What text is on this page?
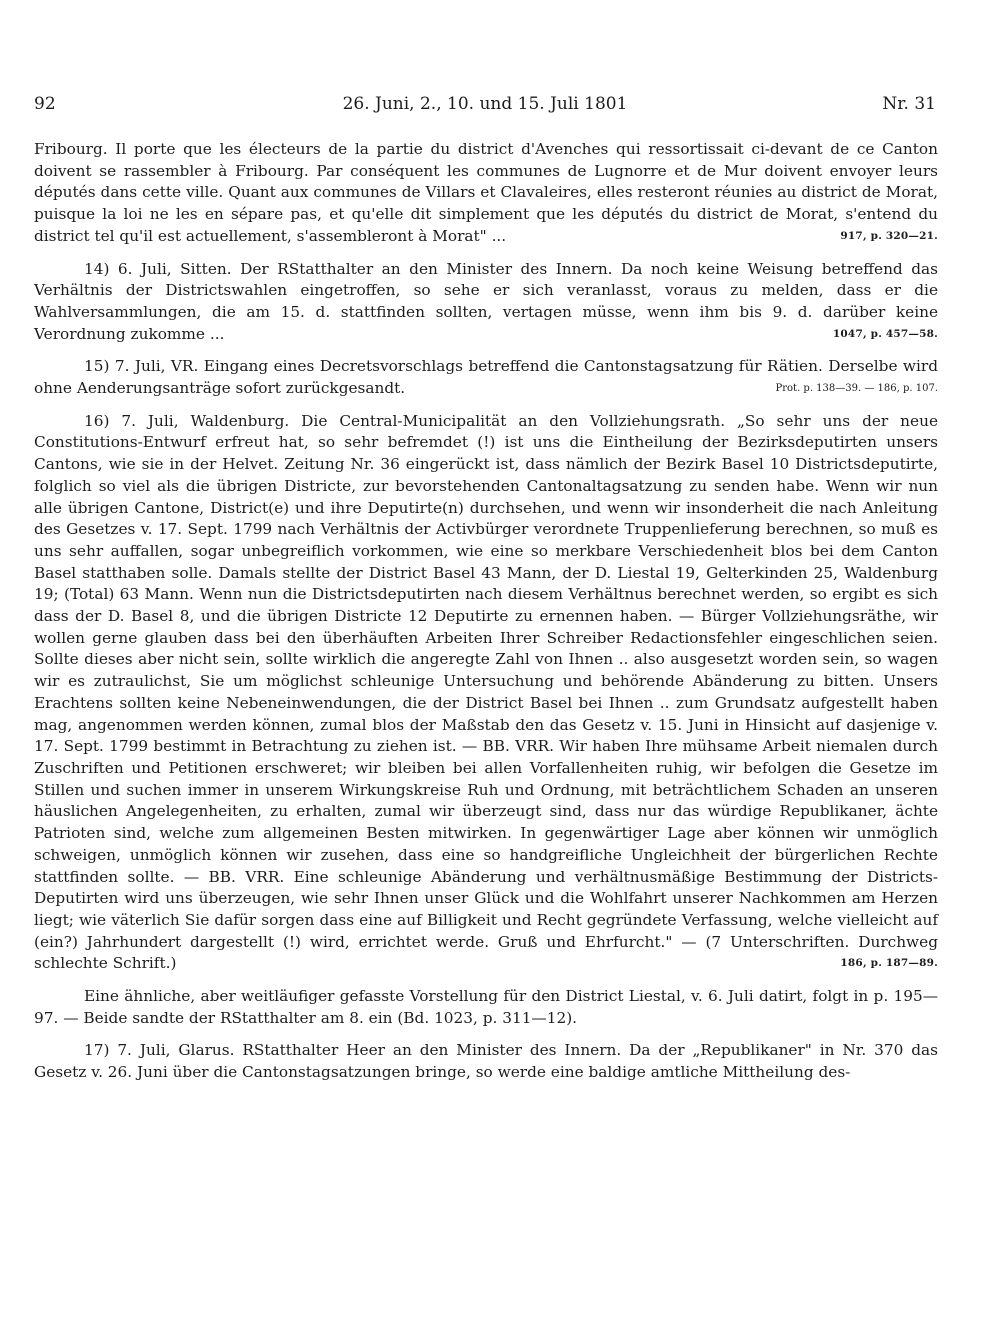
92	26. Juni, 2., 10. und 15. Juli 1801	Nr. 31

Fribourg. Il porte que les électeurs de la partie du district d'Avenches qui ressortissait ci-devant de ce Canton doivent se rassembler à Fribourg. Par conséquent les communes de Lugnorre et de Mur doivent envoyer leurs députés dans cette ville. Quant aux communes de Villars et Clavaleires, elles resteront réunies au district de Morat, puisque la loi ne les en sépare pas, et qu'elle dit simplement que les députés du district de Morat, s'entend du district tel qu'il est actuellement, s'assembleront à Morat" ...	917, p. 320—21.

14) 6. Juli, Sitten. Der RStatthalter an den Minister des Innern. Da noch keine Weisung betreffend das Verhältnis der Districtswahlen eingetroffen, so sehe er sich veranlasst, voraus zu melden, dass er die Wahlversammlungen, die am 15. d. stattfinden sollten, vertagen müsse, wenn ihm bis 9. d. darüber keine Verordnung zukomme ...	1047, p. 457—58.

15) 7. Juli, VR. Eingang eines Decretsvorschlags betreffend die Cantonstagsatzung für Rätien. Derselbe wird ohne Aenderungsanträge sofort zurückgesandt.	Prot. p. 138—39. — 186, p. 107.

16) 7. Juli, Waldenburg. Die Central-Municipalität an den Vollziehungsrath. „So sehr uns der neue Constitutions-Entwurf erfreut hat, so sehr befremdet (!) ist uns die Eintheilung der Bezirksdeputirten unsers Cantons, wie sie in der Helvet. Zeitung Nr. 36 eingerückt ist, dass nämlich der Bezirk Basel 10 Districtsdeputirte, folglich so viel als die übrigen Districte, zur bevorstehenden Cantonaltagsatzung zu senden habe. Wenn wir nun alle übrigen Cantone, District(e) und ihre Deputirte(n) durchsehen, und wenn wir insonderheit die nach Anleitung des Gesetzes v. 17. Sept. 1799 nach Verhältnis der Activbürger verordnete Truppenlieferung berechnen, so muß es uns sehr auffallen, sogar unbegreiflich vorkommen, wie eine so merkbare Verschiedenheit blos bei dem Canton Basel statthaben solle. Damals stellte der District Basel 43 Mann, der D. Liestal 19, Gelterkinden 25, Waldenburg 19; (Total) 63 Mann. Wenn nun die Districtsdeputirten nach diesem Verhältnus berechnet werden, so ergibt es sich dass der D. Basel 8, und die übrigen Districte 12 Deputirte zu ernennen haben. — Bürger Vollziehungsräthe, wir wollen gerne glauben dass bei den überhäuften Arbeiten Ihrer Schreiber Redactionsfehler eingeschlichen seien. Sollte dieses aber nicht sein, sollte wirklich die angeregte Zahl von Ihnen .. also ausgesetzt worden sein, so wagen wir es zutraulichst, Sie um möglichst schleunige Untersuchung und behörende Abänderung zu bitten. Unsers Erachtens sollten keine Nebeneinwendungen, die der District Basel bei Ihnen .. zum Grundsatz aufgestellt haben mag, angenommen werden können, zumal blos der Maßstab den das Gesetz v. 15. Juni in Hinsicht auf dasjenige v. 17. Sept. 1799 bestimmt in Betrachtung zu ziehen ist. — BB. VRR. Wir haben Ihre mühsame Arbeit niemalen durch Zuschriften und Petitionen erschweret; wir bleiben bei allen Vorfallenheiten ruhig, wir befolgen die Gesetze im Stillen und suchen immer in unserem Wirkungskreise Ruh und Ordnung, mit beträchtlichem Schaden an unseren häuslichen Angelegenheiten, zu erhalten, zumal wir überzeugt sind, dass nur das würdige Republikaner, ächte Patrioten sind, welche zum allgemeinen Besten mitwirken. In gegenwärtiger Lage aber können wir unmöglich schweigen, unmöglich können wir zusehen, dass eine so handgreifliche Ungleichheit der bürgerlichen Rechte stattfinden sollte. — BB. VRR. Eine schleunige Abänderung und verhältnusmäßige Bestimmung der Districts-Deputirten wird uns überzeugen, wie sehr Ihnen unser Glück und die Wohlfahrt unserer Nachkommen am Herzen liegt; wie väterlich Sie dafür sorgen dass eine auf Billigkeit und Recht gegründete Verfassung, welche vielleicht auf (ein?) Jahrhundert dargestellt (!) wird, errichtet werde. Gruß und Ehrfurcht." — (7 Unterschriften. Durchweg schlechte Schrift.)	186, p. 187—89.

Eine ähnliche, aber weitläufiger gefasste Vorstellung für den District Liestal, v. 6. Juli datirt, folgt in p. 195—97. — Beide sandte der RStatthalter am 8. ein (Bd. 1023, p. 311—12).

17) 7. Juli, Glarus. RStatthalter Heer an den Minister des Innern. Da der „Republikaner" in Nr. 370 das Gesetz v. 26. Juni über die Cantonstagsatzungen bringe, so werde eine baldige amtliche Mittheilung des-
